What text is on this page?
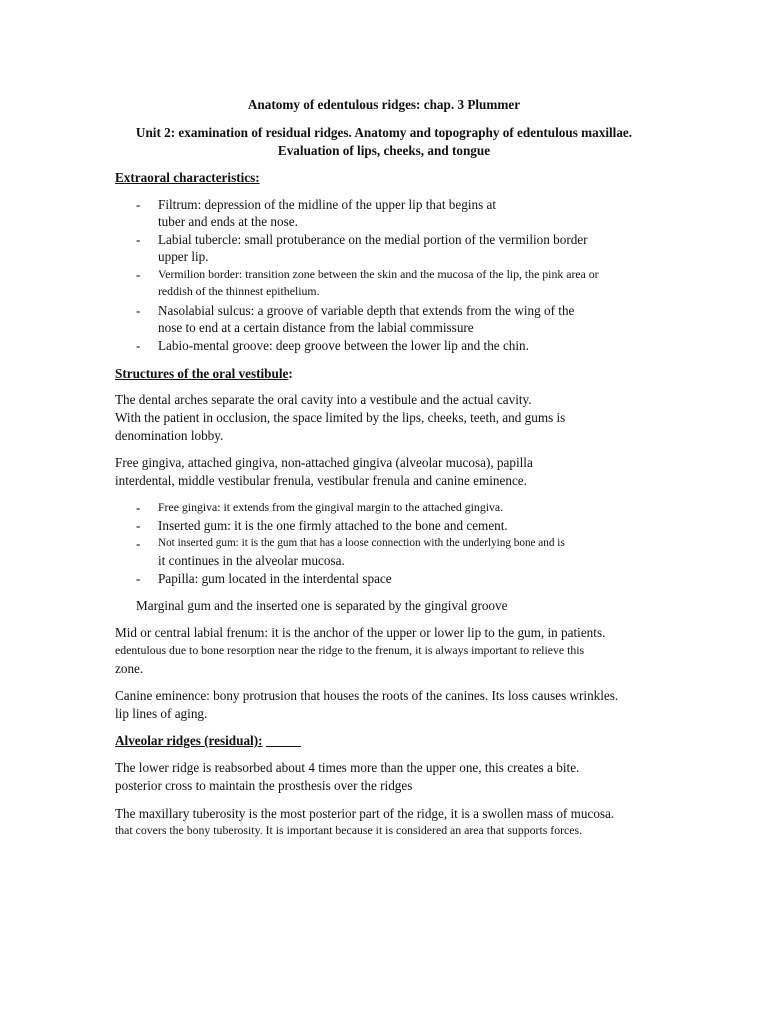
Anatomy of edentulous ridges: chap. 3 Plummer
Unit 2: examination of residual ridges. Anatomy and topography of edentulous maxillae.
Evaluation of lips, cheeks, and tongue
Extraoral characteristics:
- Filtrum: depression of the midline of the upper lip that begins at
tuber and ends at the nose.
- Labial tubercle: small protuberance on the medial portion of the vermilion border
upper lip.
- Vermilion border: transition zone between the skin and the mucosa of the lip, the pink area or
reddish of the thinnest epithelium.
- Nasolabial sulcus: a groove of variable depth that extends from the wing of the
nose to end at a certain distance from the labial commissure
- Labio-mental groove: deep groove between the lower lip and the chin.
Structures of the oral vestibule:
The dental arches separate the oral cavity into a vestibule and the actual cavity.
With the patient in occlusion, the space limited by the lips, cheeks, teeth, and gums is
denomination lobby.
Free gingiva, attached gingiva, non-attached gingiva (alveolar mucosa), papilla
interdental, middle vestibular frenula, vestibular frenula and canine eminence.
- Free gingiva: it extends from the gingival margin to the attached gingiva.
- Inserted gum: it is the one firmly attached to the bone and cement.
- Not inserted gum: it is the gum that has a loose connection with the underlying bone and is
it continues in the alveolar mucosa.
- Papilla: gum located in the interdental space
Marginal gum and the inserted one is separated by the gingival groove
Mid or central labial frenum: it is the anchor of the upper or lower lip to the gum, in patients.
edentulous due to bone resorption near the ridge to the frenum, it is always important to relieve this
zone.
Canine eminence: bony protrusion that houses the roots of the canines. Its loss causes wrinkles.
lip lines of aging.
Alveolar ridges (residual):
The lower ridge is reabsorbed about 4 times more than the upper one, this creates a bite.
posterior cross to maintain the prosthesis over the ridges
The maxillary tuberosity is the most posterior part of the ridge, it is a swollen mass of mucosa.
that covers the bony tuberosity. It is important because it is considered an area that supports forces.
